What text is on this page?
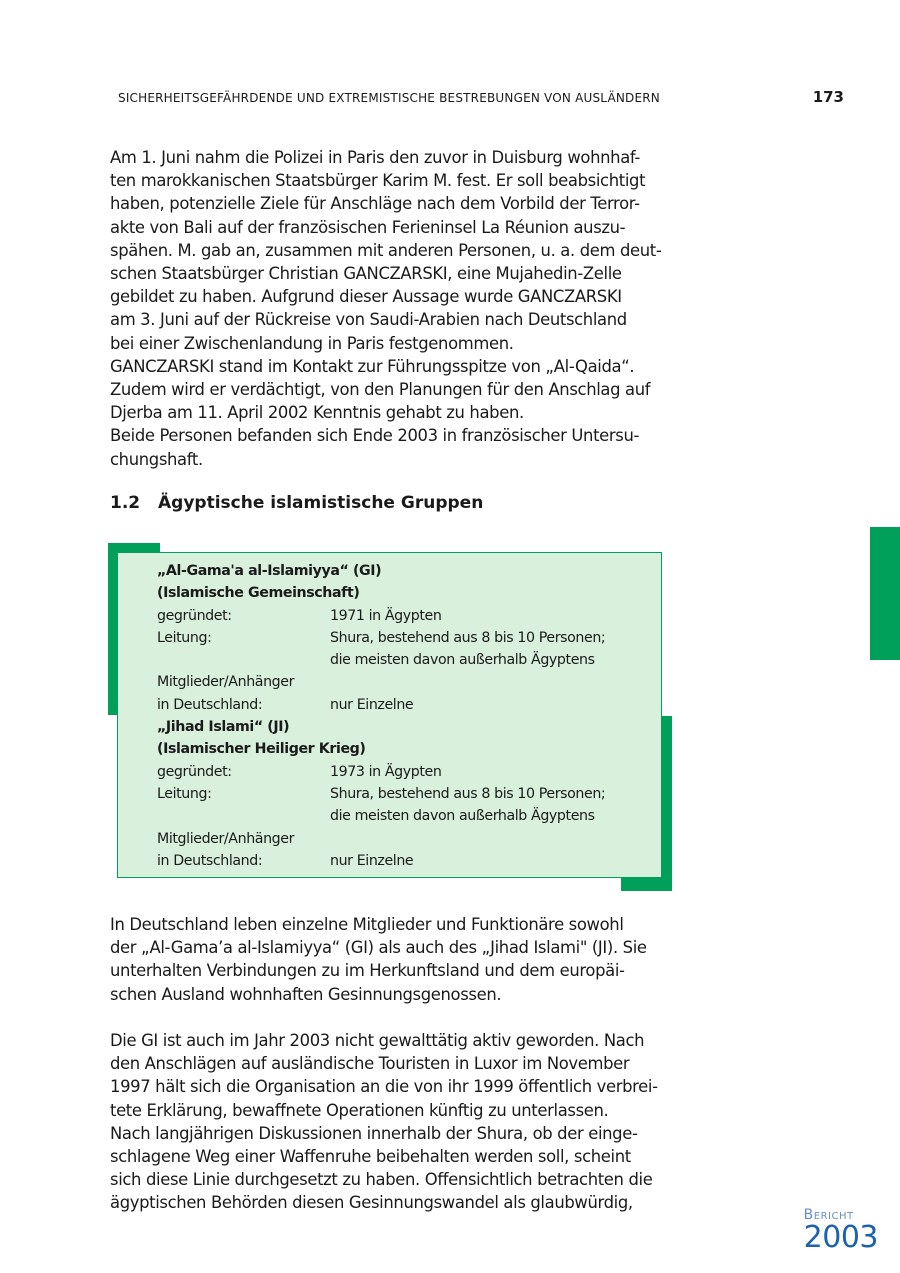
SICHERHEITSGEFÄHRDENDE UND EXTREMISTISCHE BESTREBUNGEN VON AUSLÄNDERN	173
Am 1. Juni nahm die Polizei in Paris den zuvor in Duisburg wohnhaf-
ten marokkanischen Staatsbürger Karim M. fest. Er soll beabsichtigt
haben, potenzielle Ziele für Anschläge nach dem Vorbild der Terror-
akte von Bali auf der französischen Ferieninsel La Réunion auszu-
spähen. M. gab an, zusammen mit anderen Personen, u. a. dem deut-
schen Staatsbürger Christian GANCZARSKI, eine Mujahedin-Zelle
gebildet zu haben. Aufgrund dieser Aussage wurde GANCZARSKI
am 3. Juni auf der Rückreise von Saudi-Arabien nach Deutschland
bei einer Zwischenlandung in Paris festgenommen.
GANCZARSKI stand im Kontakt zur Führungsspitze von „Al-Qaida“.
Zudem wird er verdächtigt, von den Planungen für den Anschlag auf
Djerba am 11. April 2002 Kenntnis gehabt zu haben.
Beide Personen befanden sich Ende 2003 in französischer Untersu-
chungshaft.
1.2 Ägyptische islamistische Gruppen
„Al-Gama'a al-Islamiyya“ (GI)
(Islamische Gemeinschaft)
gegründet:	1971 in Ägypten
Leitung:	Shura, bestehend aus 8 bis 10 Personen;
die meisten davon außerhalb Ägyptens
Mitglieder/Anhänger
in Deutschland:	nur Einzelne
„Jihad Islami“ (JI)
(Islamischer Heiliger Krieg)
gegründet:	1973 in Ägypten
Leitung:	Shura, bestehend aus 8 bis 10 Personen;
die meisten davon außerhalb Ägyptens
Mitglieder/Anhänger
in Deutschland:	nur Einzelne
In Deutschland leben einzelne Mitglieder und Funktionäre sowohl
der „Al-Gama’a al-Islamiyya“ (GI) als auch des „Jihad Islami" (JI). Sie
unterhalten Verbindungen zu im Herkunftsland und dem europäi-
schen Ausland wohnhaften Gesinnungsgenossen.
Die GI ist auch im Jahr 2003 nicht gewalttätig aktiv geworden. Nach
den Anschlägen auf ausländische Touristen in Luxor im November
1997 hält sich die Organisation an die von ihr 1999 öffentlich verbrei-
tete Erklärung, bewaffnete Operationen künftig zu unterlassen.
Nach langjährigen Diskussionen innerhalb der Shura, ob der einge-
schlagene Weg einer Waffenruhe beibehalten werden soll, scheint
sich diese Linie durchgesetzt zu haben. Offensichtlich betrachten die
ägyptischen Behörden diesen Gesinnungswandel als glaubwürdig,
Bericht
2003
